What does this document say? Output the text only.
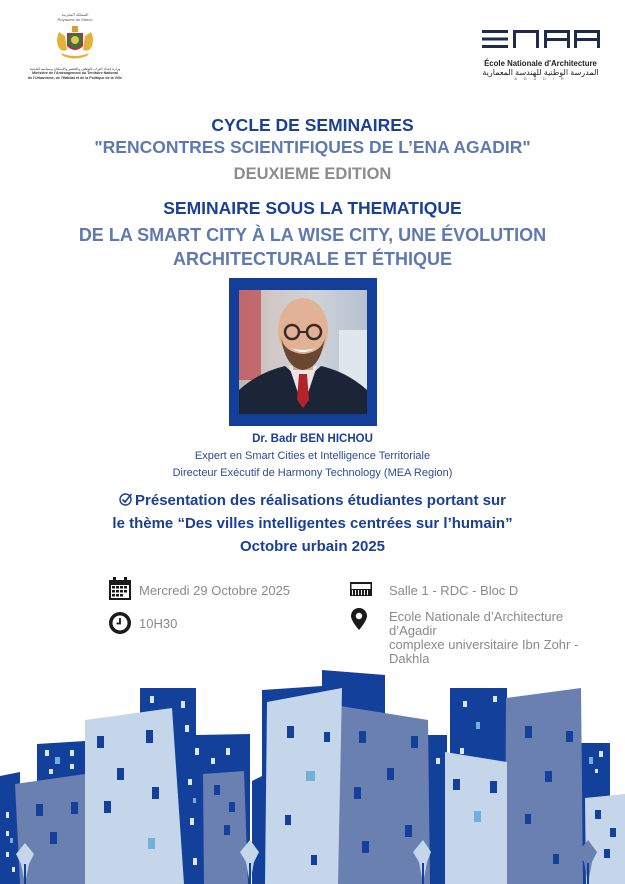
المملكة المغربية
Royaume du Maroc
وزارة إعداد التراب الوطني والتعمير والإسكان وسياسة المدينة
Ministère de l'Aménagement du Territoire National
de l'Urbanisme, de l'Habitat et de la Politique de la Ville
École Nationale d'Architecture
المدرسة الوطنية للهندسة المعمارية
A G A D I R
CYCLE DE SEMINAIRES
"RENCONTRES SCIENTIFIQUES DE L’ENA AGADIR"
DEUXIEME EDITION
SEMINAIRE SOUS LA THEMATIQUE
DE LA SMART CITY À LA WISE CITY, UNE ÉVOLUTION
ARCHITECTURALE ET ÉTHIQUE
Dr. Badr BEN HICHOU
Expert en Smart Cities et Intelligence Territoriale
Directeur Exécutif de Harmony Technology (MEA Region)
Présentation des réalisations étudiantes portant sur
le thème “Des villes intelligentes centrées sur l’humain”
Octobre urbain 2025
Mercredi 29 Octobre 2025
10H30
Salle 1 - RDC - Bloc D
Ecole Nationale d’Architecture
d’Agadir
complexe universitaire Ibn Zohr -
Dakhla
